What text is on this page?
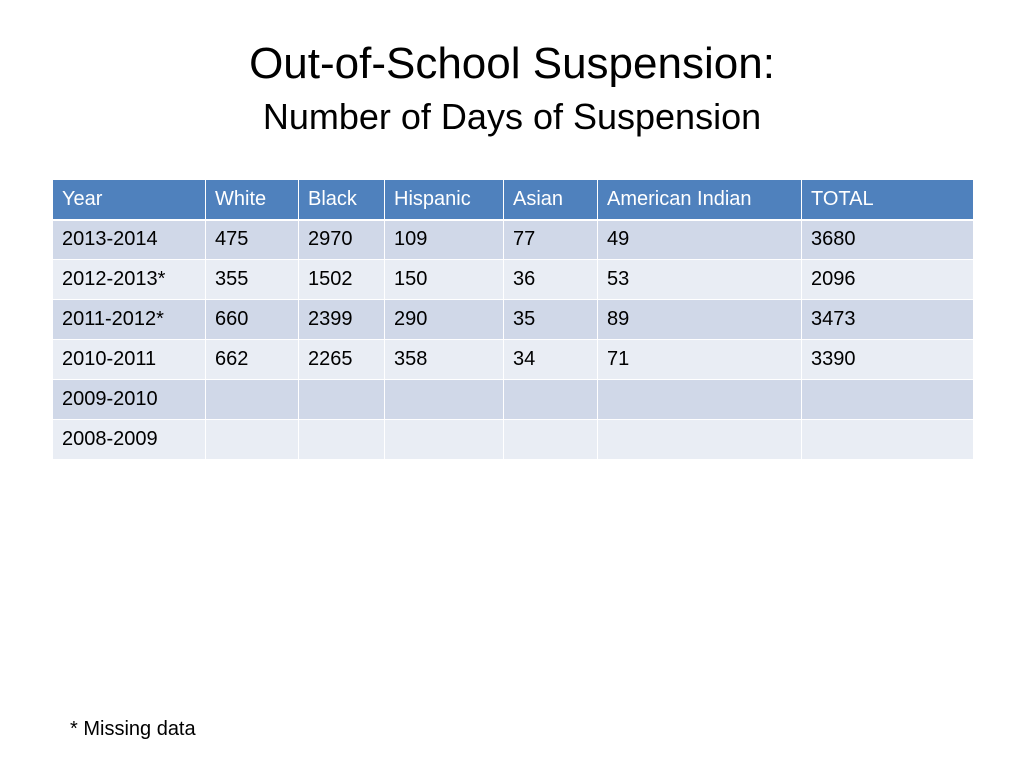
Out-of-School Suspension:
Number of Days of Suspension
Year	White	Black	Hispanic	Asian	American Indian	TOTAL
2013-2014	475	2970	109	77	49	3680
2012-2013*	355	1502	150	36	53	2096
2011-2012*	660	2399	290	35	89	3473
2010-2011	662	2265	358	34	71	3390
2009-2010						
2008-2009						
* Missing data
